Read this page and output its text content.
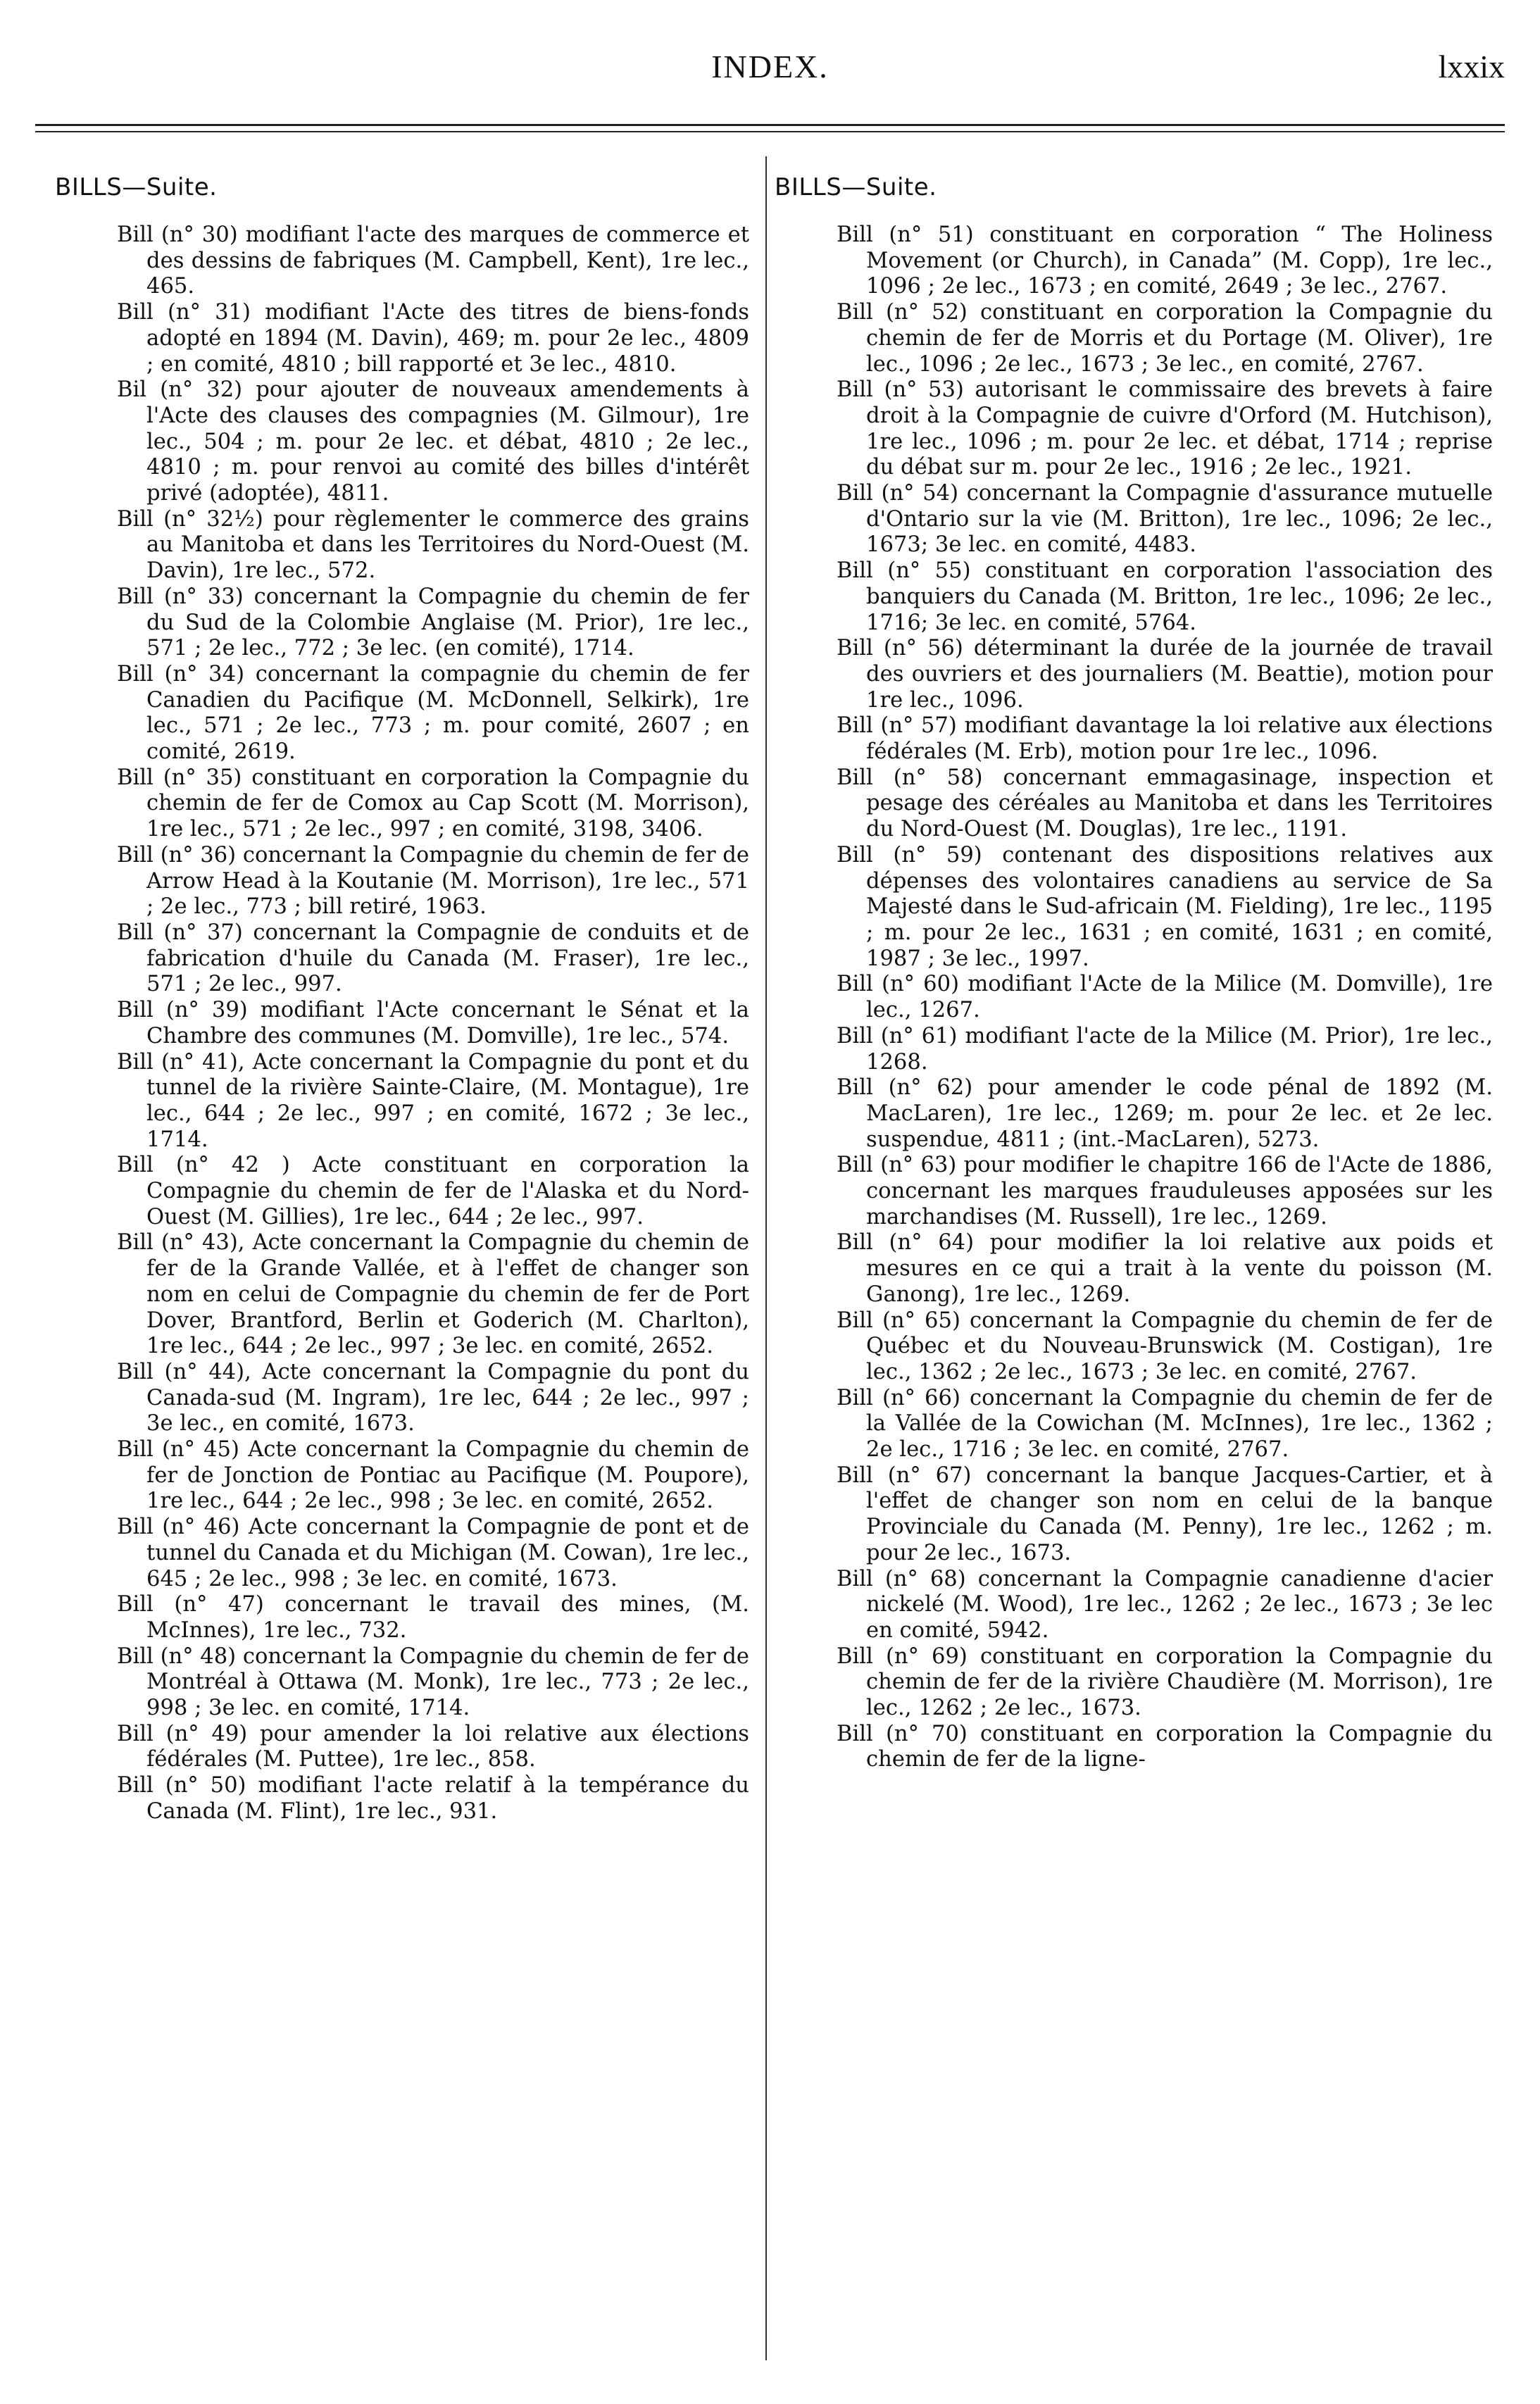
INDEX.	lxxix
BILLS—Suite.

Bill (n° 30) modifiant l'acte des marques de commerce et des dessins de fabriques (M. Campbell, Kent), 1re lec., 465.

Bill (n° 31) modifiant l'Acte des titres de biens-fonds adopté en 1894 (M. Davin), 469; m. pour 2e lec., 4809 ; en comité, 4810 ; bill rapporté et 3e lec., 4810.

Bil (n° 32) pour ajouter de nouveaux amendements à l'Acte des clauses des compagnies (M. Gilmour), 1re lec., 504 ; m. pour 2e lec. et débat, 4810 ; 2e lec., 4810 ; m. pour renvoi au comité des billes d'intérêt privé (adoptée), 4811.

Bill (n° 32½) pour règlementer le commerce des grains au Manitoba et dans les Territoires du Nord-Ouest (M. Davin), 1re lec., 572.

Bill (n° 33) concernant la Compagnie du chemin de fer du Sud de la Colombie Anglaise (M. Prior), 1re lec., 571 ; 2e lec., 772 ; 3e lec. (en comité), 1714.

Bill (n° 34) concernant la compagnie du chemin de fer Canadien du Pacifique (M. McDonnell, Selkirk), 1re lec., 571 ; 2e lec., 773 ; m. pour comité, 2607 ; en comité, 2619.

Bill (n° 35) constituant en corporation la Compagnie du chemin de fer de Comox au Cap Scott (M. Morrison), 1re lec., 571 ; 2e lec., 997 ; en comité, 3198, 3406.

Bill (n° 36) concernant la Compagnie du chemin de fer de Arrow Head à la Koutanie (M. Morrison), 1re lec., 571 ; 2e lec., 773 ; bill retiré, 1963.

Bill (n° 37) concernant la Compagnie de conduits et de fabrication d'huile du Canada (M. Fraser), 1re lec., 571 ; 2e lec., 997.

Bill (n° 39) modifiant l'Acte concernant le Sénat et la Chambre des communes (M. Domville), 1re lec., 574.

Bill (n° 41), Acte concernant la Compagnie du pont et du tunnel de la rivière Sainte-Claire, (M. Montague), 1re lec., 644 ; 2e lec., 997 ; en comité, 1672 ; 3e lec., 1714.

Bill (n° 42 ) Acte constituant en corporation la Compagnie du chemin de fer de l'Alaska et du Nord-Ouest (M. Gillies), 1re lec., 644 ; 2e lec., 997.

Bill (n° 43), Acte concernant la Compagnie du chemin de fer de la Grande Vallée, et à l'effet de changer son nom en celui de Compagnie du chemin de fer de Port Dover, Brantford, Berlin et Goderich (M. Charlton), 1re lec., 644 ; 2e lec., 997 ; 3e lec. en comité, 2652.

Bill (n° 44), Acte concernant la Compagnie du pont du Canada-sud (M. Ingram), 1re lec, 644 ; 2e lec., 997 ; 3e lec., en comité, 1673.

Bill (n° 45) Acte concernant la Compagnie du chemin de fer de Jonction de Pontiac au Pacifique (M. Poupore), 1re lec., 644 ; 2e lec., 998 ; 3e lec. en comité, 2652.

Bill (n° 46) Acte concernant la Compagnie de pont et de tunnel du Canada et du Michigan (M. Cowan), 1re lec., 645 ; 2e lec., 998 ; 3e lec. en comité, 1673.

Bill (n° 47) concernant le travail des mines, (M. McInnes), 1re lec., 732.

Bill (n° 48) concernant la Compagnie du chemin de fer de Montréal à Ottawa (M. Monk), 1re lec., 773 ; 2e lec., 998 ; 3e lec. en comité, 1714.

Bill (n° 49) pour amender la loi relative aux élections fédérales (M. Puttee), 1re lec., 858.

Bill (n° 50) modifiant l'acte relatif à la tempérance du Canada (M. Flint), 1re lec., 931.

BILLS—Suite.

Bill (n° 51) constituant en corporation “ The Holiness Movement (or Church), in Canada” (M. Copp), 1re lec., 1096 ; 2e lec., 1673 ; en comité, 2649 ; 3e lec., 2767.

Bill (n° 52) constituant en corporation la Compagnie du chemin de fer de Morris et du Portage (M. Oliver), 1re lec., 1096 ; 2e lec., 1673 ; 3e lec., en comité, 2767.

Bill (n° 53) autorisant le commissaire des brevets à faire droit à la Compagnie de cuivre d'Orford (M. Hutchison), 1re lec., 1096 ; m. pour 2e lec. et débat, 1714 ; reprise du débat sur m. pour 2e lec., 1916 ; 2e lec., 1921.

Bill (n° 54) concernant la Compagnie d'assurance mutuelle d'Ontario sur la vie (M. Britton), 1re lec., 1096; 2e lec., 1673; 3e lec. en comité, 4483.

Bill (n° 55) constituant en corporation l'association des banquiers du Canada (M. Britton, 1re lec., 1096; 2e lec., 1716; 3e lec. en comité, 5764.

Bill (n° 56) déterminant la durée de la journée de travail des ouvriers et des journaliers (M. Beattie), motion pour 1re lec., 1096.

Bill (n° 57) modifiant davantage la loi relative aux élections fédérales (M. Erb), motion pour 1re lec., 1096.

Bill (n° 58) concernant emmagasinage, inspection et pesage des céréales au Manitoba et dans les Territoires du Nord-Ouest (M. Douglas), 1re lec., 1191.

Bill (n° 59) contenant des dispositions relatives aux dépenses des volontaires canadiens au service de Sa Majesté dans le Sud-africain (M. Fielding), 1re lec., 1195 ; m. pour 2e lec., 1631 ; en comité, 1631 ; en comité, 1987 ; 3e lec., 1997.

Bill (n° 60) modifiant l'Acte de la Milice (M. Domville), 1re lec., 1267.

Bill (n° 61) modifiant l'acte de la Milice (M. Prior), 1re lec., 1268.

Bill (n° 62) pour amender le code pénal de 1892 (M. MacLaren), 1re lec., 1269; m. pour 2e lec. et 2e lec. suspendue, 4811 ; (int.-MacLaren), 5273.

Bill (n° 63) pour modifier le chapitre 166 de l'Acte de 1886, concernant les marques frauduleuses apposées sur les marchandises (M. Russell), 1re lec., 1269.

Bill (n° 64) pour modifier la loi relative aux poids et mesures en ce qui a trait à la vente du poisson (M. Ganong), 1re lec., 1269.

Bill (n° 65) concernant la Compagnie du chemin de fer de Québec et du Nouveau-Brunswick (M. Costigan), 1re lec., 1362 ; 2e lec., 1673 ; 3e lec. en comité, 2767.

Bill (n° 66) concernant la Compagnie du chemin de fer de la Vallée de la Cowichan (M. McInnes), 1re lec., 1362 ; 2e lec., 1716 ; 3e lec. en comité, 2767.

Bill (n° 67) concernant la banque Jacques-Cartier, et à l'effet de changer son nom en celui de la banque Provinciale du Canada (M. Penny), 1re lec., 1262 ; m. pour 2e lec., 1673.

Bill (n° 68) concernant la Compagnie canadienne d'acier nickelé (M. Wood), 1re lec., 1262 ; 2e lec., 1673 ; 3e lec en comité, 5942.

Bill (n° 69) constituant en corporation la Compagnie du chemin de fer de la rivière Chaudière (M. Morrison), 1re lec., 1262 ; 2e lec., 1673.

Bill (n° 70) constituant en corporation la Compagnie du chemin de fer de la ligne-
